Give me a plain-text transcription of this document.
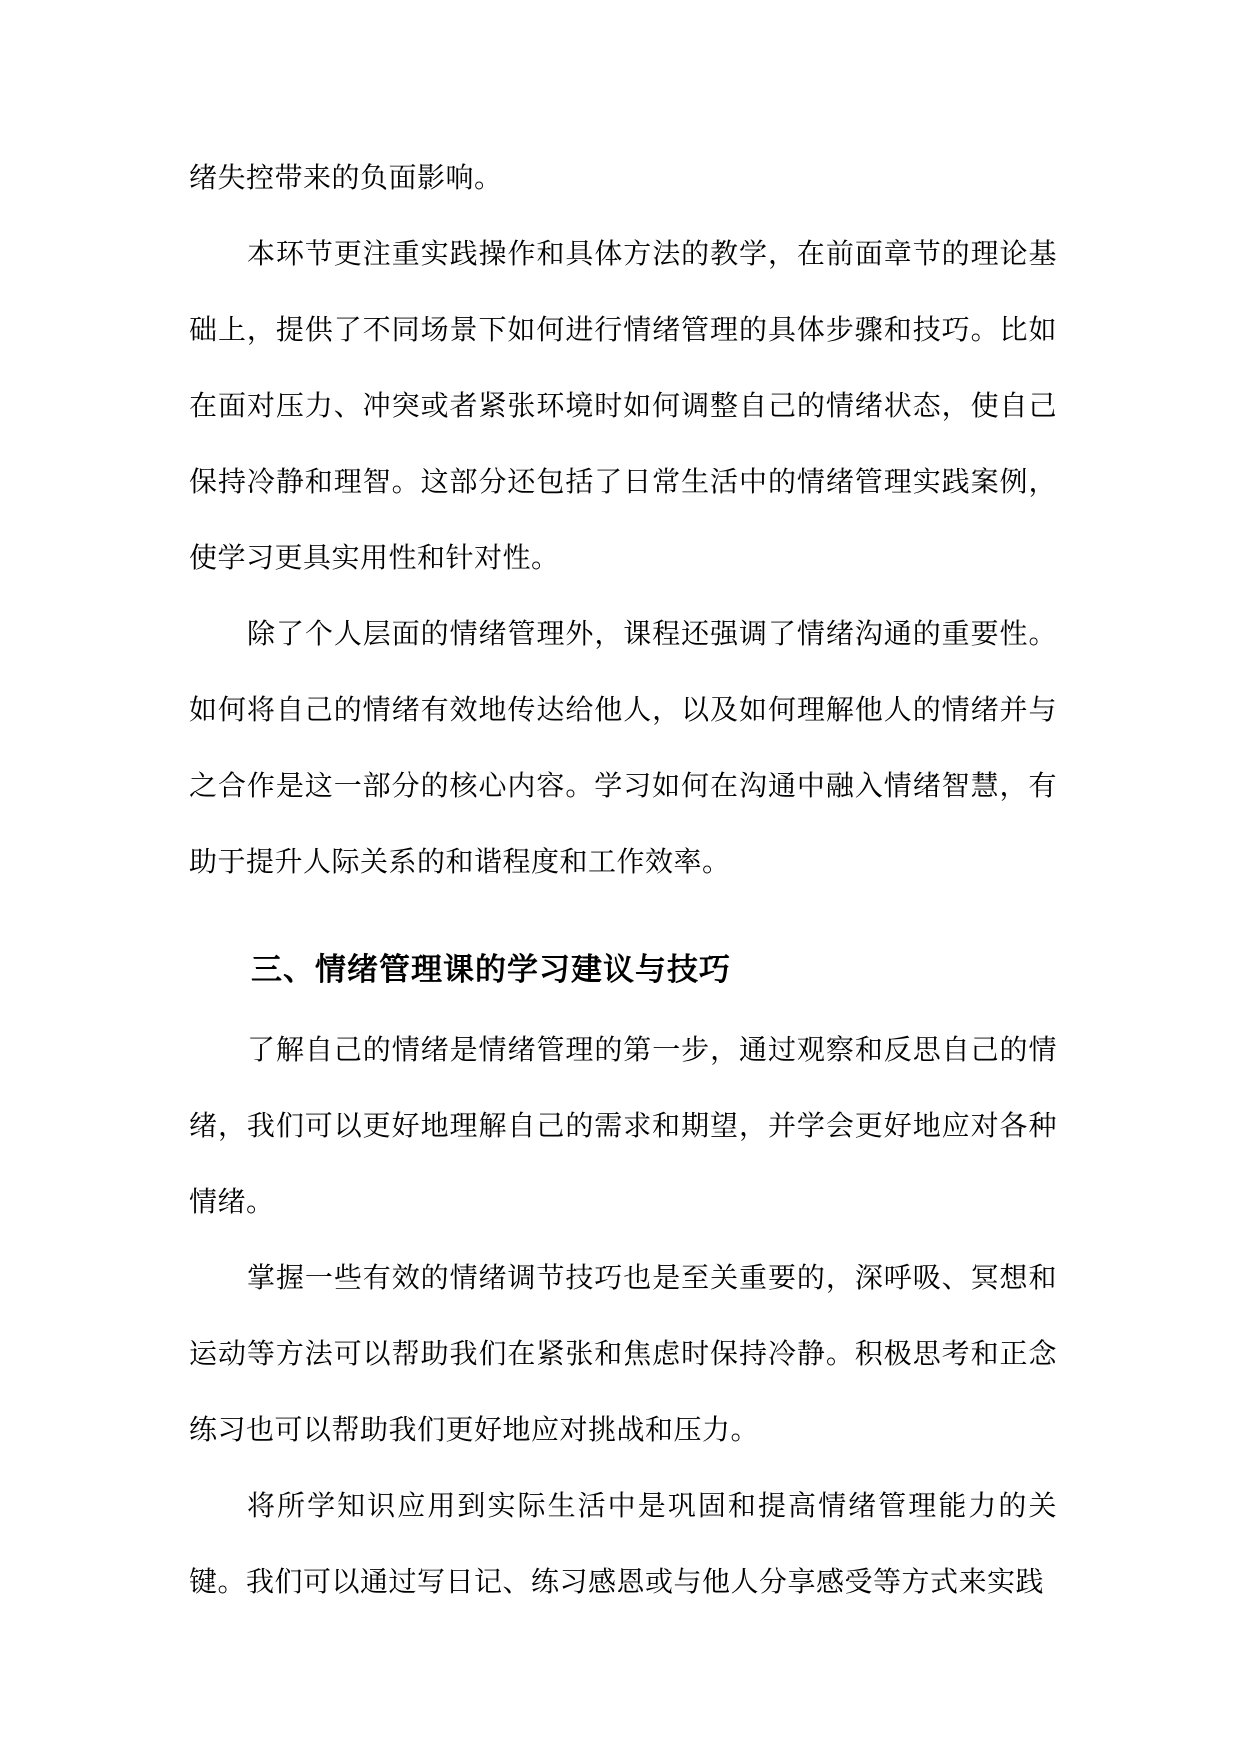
绪失控带来的负面影响。

本环节更注重实践操作和具体方法的教学，在前面章节的理论基础上，提供了不同场景下如何进行情绪管理的具体步骤和技巧。比如在面对压力、冲突或者紧张环境时如何调整自己的情绪状态，使自己保持冷静和理智。这部分还包括了日常生活中的情绪管理实践案例，使学习更具实用性和针对性。

除了个人层面的情绪管理外，课程还强调了情绪沟通的重要性。如何将自己的情绪有效地传达给他人，以及如何理解他人的情绪并与之合作是这一部分的核心内容。学习如何在沟通中融入情绪智慧，有助于提升人际关系的和谐程度和工作效率。

三、情绪管理课的学习建议与技巧

了解自己的情绪是情绪管理的第一步，通过观察和反思自己的情绪，我们可以更好地理解自己的需求和期望，并学会更好地应对各种情绪。

掌握一些有效的情绪调节技巧也是至关重要的，深呼吸、冥想和运动等方法可以帮助我们在紧张和焦虑时保持冷静。积极思考和正念练习也可以帮助我们更好地应对挑战和压力。

将所学知识应用到实际生活中是巩固和提高情绪管理能力的关键。我们可以通过写日记、练习感恩或与他人分享感受等方式来实践
